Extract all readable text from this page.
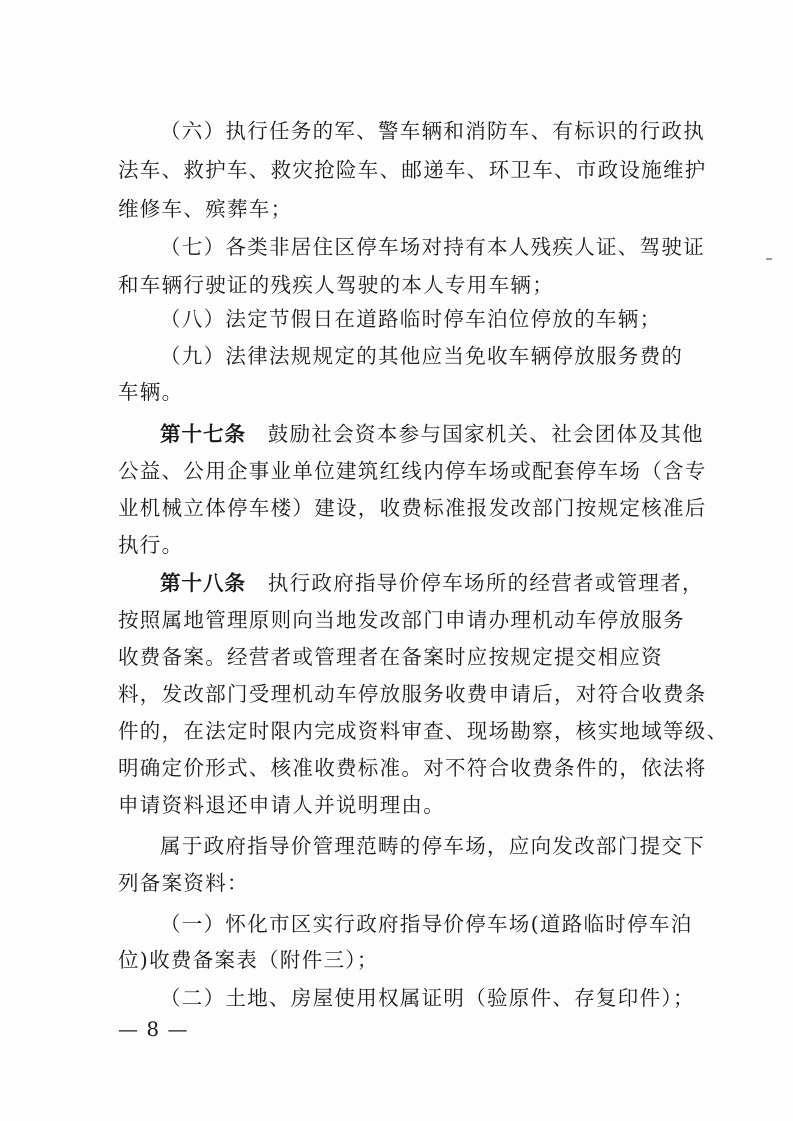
（六）执行任务的军、警车辆和消防车、有标识的行政执
法车、救护车、救灾抢险车、邮递车、环卫车、市政设施维护
维修车、殡葬车；
（七）各类非居住区停车场对持有本人残疾人证、驾驶证
和车辆行驶证的残疾人驾驶的本人专用车辆；
（八）法定节假日在道路临时停车泊位停放的车辆；
（九）法律法规规定的其他应当免收车辆停放服务费的
车辆。
第十七条　鼓励社会资本参与国家机关、社会团体及其他
公益、公用企事业单位建筑红线内停车场或配套停车场（含专
业机械立体停车楼）建设，收费标准报发改部门按规定核准后
执行。
第十八条　执行政府指导价停车场所的经营者或管理者，
按照属地管理原则向当地发改部门申请办理机动车停放服务
收费备案。经营者或管理者在备案时应按规定提交相应资
料，发改部门受理机动车停放服务收费申请后，对符合收费条
件的，在法定时限内完成资料审查、现场勘察，核实地域等级、
明确定价形式、核准收费标准。对不符合收费条件的，依法将
申请资料退还申请人并说明理由。
属于政府指导价管理范畴的停车场，应向发改部门提交下
列备案资料：
（一）怀化市区实行政府指导价停车场(道路临时停车泊
位)收费备案表（附件三）；
（二）土地、房屋使用权属证明（验原件、存复印件）；
— 8 —
